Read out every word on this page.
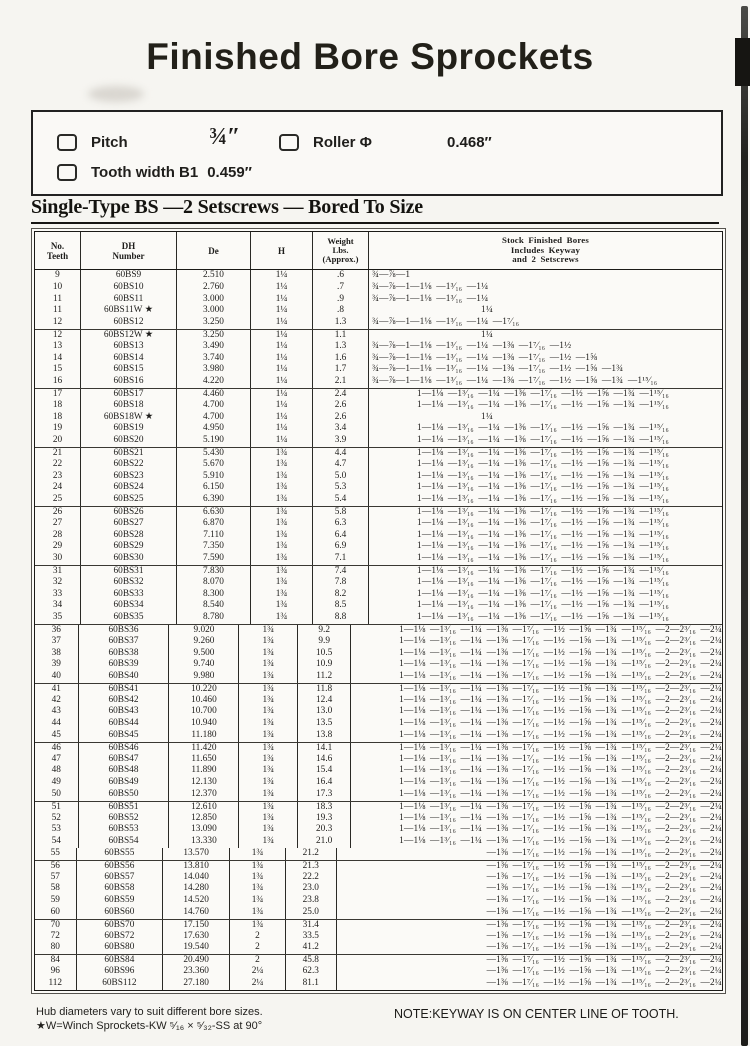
Finished Bore Sprockets
Pitch	¾″	Roller Φ	0.468″
Tooth width B1 0.459″
Single-Type BS —2 Setscrews — Bored To Size
No.
Teeth
DH
Number	De	H
Weight
Lbs.
(Approx.)
Stock Finished Bores
Includes Keyway
and 2 Setscrews
9	60BS9	2.510	1¼	.6	¾—⅞—1
10	60BS10	2.760	1¼	.7	¾—⅞—1—1⅛ —1³⁄₁₆ —1¼
11	60BS11	3.000	1¼	.9	¾—⅞—1—1⅛ —1³⁄₁₆ —1¼
11	60BS11W ★	3.000	1¼	.8	1¼
12	60BS12	3.250	1¼	1.3	¾—⅞—1—1⅛ —1³⁄₁₆ —1¼ —1⁷⁄₁₆
12	60BS12W ★	3.250	1¼	1.1	1¼
13	60BS13	3.490	1¼	1.3	¾—⅞—1—1⅛ —1³⁄₁₆ —1¼ —1⅜ —1⁷⁄₁₆ —1½
14	60BS14	3.740	1¼	1.6	¾—⅞—1—1⅛ —1³⁄₁₆ —1¼ —1⅜ —1⁷⁄₁₆ —1½ —1⅝
15	60BS15	3.980	1¼	1.7	¾—⅞—1—1⅛ —1³⁄₁₆ —1¼ —1⅜ —1⁷⁄₁₆ —1½ —1⅝ —1¾
16	60BS16	4.220	1¼	2.1	¾—⅞—1—1⅛ —1³⁄₁₆ —1¼ —1⅜ —1⁷⁄₁₆ —1½ —1⅝ —1¾ —1¹⁵⁄₁₆
17	60BS17	4.460	1¼	2.4	1—1⅛ —1³⁄₁₆ —1¼ —1⅜ —1⁷⁄₁₆ —1½ —1⅝ —1¾ —1¹⁵⁄₁₆
18	60BS18	4.700	1¼	2.6	1—1⅛ —1³⁄₁₆ —1¼ —1⅜ —1⁷⁄₁₆ —1½ —1⅝ —1¾ —1¹⁵⁄₁₆
18	60BS18W ★	4.700	1¼	2.6	1¼
19	60BS19	4.950	1¼	3.4	1—1⅛ —1³⁄₁₆ —1¼ —1⅜ —1⁷⁄₁₆ —1½ —1⅝ —1¾ —1¹⁵⁄₁₆
20	60BS20	5.190	1¼	3.9	1—1⅛ —1³⁄₁₆ —1¼ —1⅜ —1⁷⁄₁₆ —1½ —1⅝ —1¾ —1¹⁵⁄₁₆
21	60BS21	5.430	1¾	4.4	1—1⅛ —1³⁄₁₆ —1¼ —1⅜ —1⁷⁄₁₆ —1½ —1⅝ —1¾ —1¹⁵⁄₁₆
22	60BS22	5.670	1¾	4.7	1—1⅛ —1³⁄₁₆ —1¼ —1⅜ —1⁷⁄₁₆ —1½ —1⅝ —1¾ —1¹⁵⁄₁₆
23	60BS23	5.910	1¾	5.0	1—1⅛ —1³⁄₁₆ —1¼ —1⅜ —1⁷⁄₁₆ —1½ —1⅝ —1¾ —1¹⁵⁄₁₆
24	60BS24	6.150	1¾	5.3	1—1⅛ —1³⁄₁₆ —1¼ —1⅜ —1⁷⁄₁₆ —1½ —1⅝ —1¾ —1¹⁵⁄₁₆
25	60BS25	6.390	1¾	5.4	1—1⅛ —1³⁄₁₆ —1¼ —1⅜ —1⁷⁄₁₆ —1½ —1⅝ —1¾ —1¹⁵⁄₁₆
26	60BS26	6.630	1¾	5.8	1—1⅛ —1³⁄₁₆ —1¼ —1⅜ —1⁷⁄₁₆ —1½ —1⅝ —1¾ —1¹⁵⁄₁₆
27	60BS27	6.870	1¾	6.3	1—1⅛ —1³⁄₁₆ —1¼ —1⅜ —1⁷⁄₁₆ —1½ —1⅝ —1¾ —1¹⁵⁄₁₆
28	60BS28	7.110	1¾	6.4	1—1⅛ —1³⁄₁₆ —1¼ —1⅜ —1⁷⁄₁₆ —1½ —1⅝ —1¾ —1¹⁵⁄₁₆
29	60BS29	7.350	1¾	6.9	1—1⅛ —1³⁄₁₆ —1¼ —1⅜ —1⁷⁄₁₆ —1½ —1⅝ —1¾ —1¹⁵⁄₁₆
30	60BS30	7.590	1¾	7.1	1—1⅛ —1³⁄₁₆ —1¼ —1⅜ —1⁷⁄₁₆ —1½ —1⅝ —1¾ —1¹⁵⁄₁₆
31	60BS31	7.830	1¾	7.4	1—1⅛ —1³⁄₁₆ —1¼ —1⅜ —1⁷⁄₁₆ —1½ —1⅝ —1¾ —1¹⁵⁄₁₆
32	60BS32	8.070	1¾	7.8	1—1⅛ —1³⁄₁₆ —1¼ —1⅜ —1⁷⁄₁₆ —1½ —1⅝ —1¾ —1¹⁵⁄₁₆
33	60BS33	8.300	1¾	8.2	1—1⅛ —1³⁄₁₆ —1¼ —1⅜ —1⁷⁄₁₆ —1½ —1⅝ —1¾ —1¹⁵⁄₁₆
34	60BS34	8.540	1¾	8.5	1—1⅛ —1³⁄₁₆ —1¼ —1⅜ —1⁷⁄₁₆ —1½ —1⅝ —1¾ —1¹⁵⁄₁₆
35	60BS35	8.780	1¾	8.8	1—1⅛ —1³⁄₁₆ —1¼ —1⅜ —1⁷⁄₁₆ —1½ —1⅝ —1¾ —1¹⁵⁄₁₆
36	60BS36	9.020	1¾	9.2	1—1⅛ —1³⁄₁₆ —1¼ —1⅜ —1⁷⁄₁₆ —1½ —1⅝ —1¾ —1¹⁵⁄₁₆ —2—2³⁄₁₆ —2¼
37	60BS37	9.260	1¾	9.9	1—1⅛ —1³⁄₁₆ —1¼ —1⅜ —1⁷⁄₁₆ —1½ —1⅝ —1¾ —1¹⁵⁄₁₆ —2—2³⁄₁₆ —2¼
38	60BS38	9.500	1¾	10.5	1—1⅛ —1³⁄₁₆ —1¼ —1⅜ —1⁷⁄₁₆ —1½ —1⅝ —1¾ —1¹⁵⁄₁₆ —2—2³⁄₁₆ —2¼
39	60BS39	9.740	1¾	10.9	1—1⅛ —1³⁄₁₆ —1¼ —1⅜ —1⁷⁄₁₆ —1½ —1⅝ —1¾ —1¹⁵⁄₁₆ —2—2³⁄₁₆ —2¼
40	60BS40	9.980	1¾	11.2	1—1⅛ —1³⁄₁₆ —1¼ —1⅜ —1⁷⁄₁₆ —1½ —1⅝ —1¾ —1¹⁵⁄₁₆ —2—2³⁄₁₆ —2¼
41	60BS41	10.220	1¾	11.8	1—1⅛ —1³⁄₁₆ —1¼ —1⅜ —1⁷⁄₁₆ —1½ —1⅝ —1¾ —1¹⁵⁄₁₆ —2—2³⁄₁₆ —2¼
42	60BS42	10.460	1¾	12.4	1—1⅛ —1³⁄₁₆ —1¼ —1⅜ —1⁷⁄₁₆ —1½ —1⅝ —1¾ —1¹⁵⁄₁₆ —2—2³⁄₁₆ —2¼
43	60BS43	10.700	1¾	13.0	1—1⅛ —1³⁄₁₆ —1¼ —1⅜ —1⁷⁄₁₆ —1½ —1⅝ —1¾ —1¹⁵⁄₁₆ —2—2³⁄₁₆ —2¼
44	60BS44	10.940	1¾	13.5	1—1⅛ —1³⁄₁₆ —1¼ —1⅜ —1⁷⁄₁₆ —1½ —1⅝ —1¾ —1¹⁵⁄₁₆ —2—2³⁄₁₆ —2¼
45	60BS45	11.180	1¾	13.8	1—1⅛ —1³⁄₁₆ —1¼ —1⅜ —1⁷⁄₁₆ —1½ —1⅝ —1¾ —1¹⁵⁄₁₆ —2—2³⁄₁₆ —2¼
46	60BS46	11.420	1¾	14.1	1—1⅛ —1³⁄₁₆ —1¼ —1⅜ —1⁷⁄₁₆ —1½ —1⅝ —1¾ —1¹⁵⁄₁₆ —2—2³⁄₁₆ —2¼
47	60BS47	11.650	1¾	14.6	1—1⅛ —1³⁄₁₆ —1¼ —1⅜ —1⁷⁄₁₆ —1½ —1⅝ —1¾ —1¹⁵⁄₁₆ —2—2³⁄₁₆ —2¼
48	60BS48	11.890	1¾	15.4	1—1⅛ —1³⁄₁₆ —1¼ —1⅜ —1⁷⁄₁₆ —1½ —1⅝ —1¾ —1¹⁵⁄₁₆ —2—2³⁄₁₆ —2¼
49	60BS49	12.130	1¾	16.4	1—1⅛ —1³⁄₁₆ —1¼ —1⅜ —1⁷⁄₁₆ —1½ —1⅝ —1¾ —1¹⁵⁄₁₆ —2—2³⁄₁₆ —2¼
50	60BS50	12.370	1¾	17.3	1—1⅛ —1³⁄₁₆ —1¼ —1⅜ —1⁷⁄₁₆ —1½ —1⅝ —1¾ —1¹⁵⁄₁₆ —2—2³⁄₁₆ —2¼
51	60BS51	12.610	1¾	18.3	1—1⅛ —1³⁄₁₆ —1¼ —1⅜ —1⁷⁄₁₆ —1½ —1⅝ —1¾ —1¹⁵⁄₁₆ —2—2³⁄₁₆ —2¼
52	60BS52	12.850	1¾	19.3	1—1⅛ —1³⁄₁₆ —1¼ —1⅜ —1⁷⁄₁₆ —1½ —1⅝ —1¾ —1¹⁵⁄₁₆ —2—2³⁄₁₆ —2¼
53	60BS53	13.090	1¾	20.3	1—1⅛ —1³⁄₁₆ —1¼ —1⅜ —1⁷⁄₁₆ —1½ —1⅝ —1¾ —1¹⁵⁄₁₆ —2—2³⁄₁₆ —2¼
54	60BS54	13.330	1¾	21.0	1—1⅛ —1³⁄₁₆ —1¼ —1⅜ —1⁷⁄₁₆ —1½ —1⅝ —1¾ —1¹⁵⁄₁₆ —2—2³⁄₁₆ —2¼
55	60BS55	13.570	1¾	21.2	—1⅜ —1⁷⁄₁₆ —1½ —1⅝ —1¾ —1¹⁵⁄₁₆ —2—2³⁄₁₆ —2¼
56	60BS56	13.810	1¾	21.3	—1⅜ —1⁷⁄₁₆ —1½ —1⅝ —1¾ —1¹⁵⁄₁₆ —2—2³⁄₁₆ —2¼
57	60BS57	14.040	1¾	22.2	—1⅜ —1⁷⁄₁₆ —1½ —1⅝ —1¾ —1¹⁵⁄₁₆ —2—2³⁄₁₆ —2¼
58	60BS58	14.280	1¾	23.0	—1⅜ —1⁷⁄₁₆ —1½ —1⅝ —1¾ —1¹⁵⁄₁₆ —2—2³⁄₁₆ —2¼
59	60BS59	14.520	1¾	23.8	—1⅜ —1⁷⁄₁₆ —1½ —1⅝ —1¾ —1¹⁵⁄₁₆ —2—2³⁄₁₆ —2¼
60	60BS60	14.760	1¾	25.0	—1⅜ —1⁷⁄₁₆ —1½ —1⅝ —1¾ —1¹⁵⁄₁₆ —2—2³⁄₁₆ —2¼
70	60BS70	17.150	1¾	31.4	—1⅜ —1⁷⁄₁₆ —1½ —1⅝ —1¾ —1¹⁵⁄₁₆ —2—2³⁄₁₆ —2¼
72	60BS72	17.630	2	33.5	—1⅜ —1⁷⁄₁₆ —1½ —1⅝ —1¾ —1¹⁵⁄₁₆ —2—2³⁄₁₆ —2¼
80	60BS80	19.540	2	41.2	—1⅜ —1⁷⁄₁₆ —1½ —1⅝ —1¾ —1¹⁵⁄₁₆ —2—2³⁄₁₆ —2¼
84	60BS84	20.490	2	45.8	—1⅜ —1⁷⁄₁₆ —1½ —1⅝ —1¾ —1¹⁵⁄₁₆ —2—2³⁄₁₆ —2¼
96	60BS96	23.360	2¼	62.3	—1⅜ —1⁷⁄₁₆ —1½ —1⅝ —1¾ —1¹⁵⁄₁₆ —2—2³⁄₁₆ —2¼
112	60BS112	27.180	2¼	81.1	—1⅜ —1⁷⁄₁₆ —1½ —1⅝ —1¾ —1¹⁵⁄₁₆ —2—2³⁄₁₆ —2¼
Hub diameters vary to suit different bore sizes.
★W=Winch Sprockets-KW ⁵⁄₁₆ × ⁵⁄₃₂-SS at 90°
NOTE:KEYWAY IS ON CENTER LINE OF TOOTH.
